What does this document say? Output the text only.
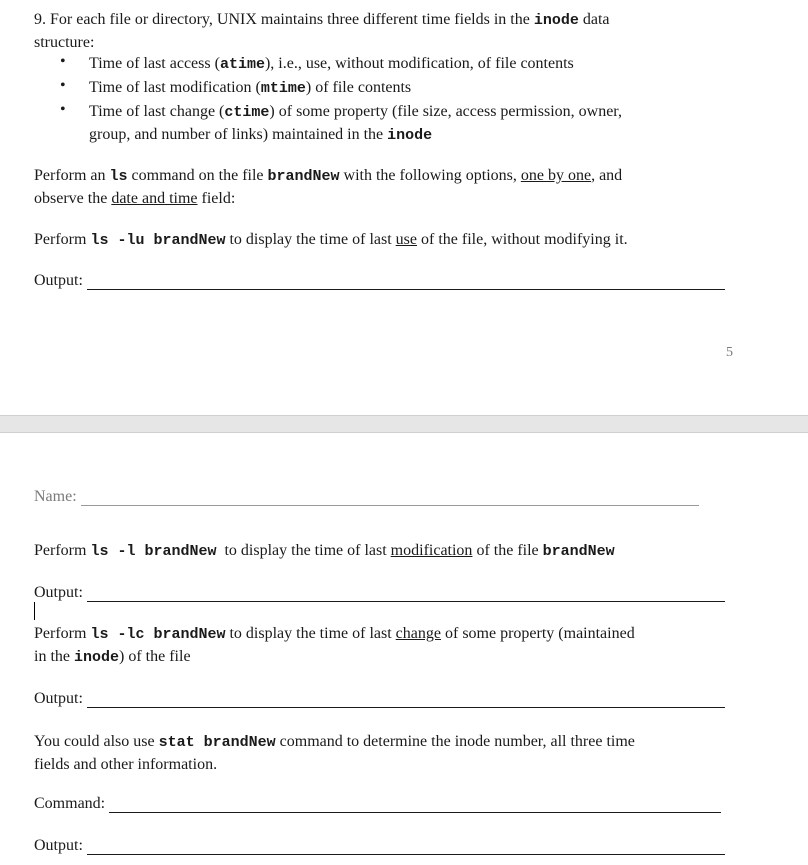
9. For each file or directory, UNIX maintains three different time fields in the inode data
structure:
• Time of last access (atime), i.e., use, without modification, of file contents
• Time of last modification (mtime) of file contents
• Time of last change (ctime) of some property (file size, access permission, owner,
group, and number of links) maintained in the inode
Perform an ls command on the file brandNew with the following options, one by one, and
observe the date and time field:
Perform ls -lu brandNew to display the time of last use of the file, without modifying it.
Output:
5
Name:
Perform ls -l brandNew to display the time of last modification of the file brandNew
Output:
Perform ls -lc brandNew to display the time of last change of some property (maintained
in the inode) of the file
Output:
You could also use stat brandNew command to determine the inode number, all three time
fields and other information.
Command:
Output:
